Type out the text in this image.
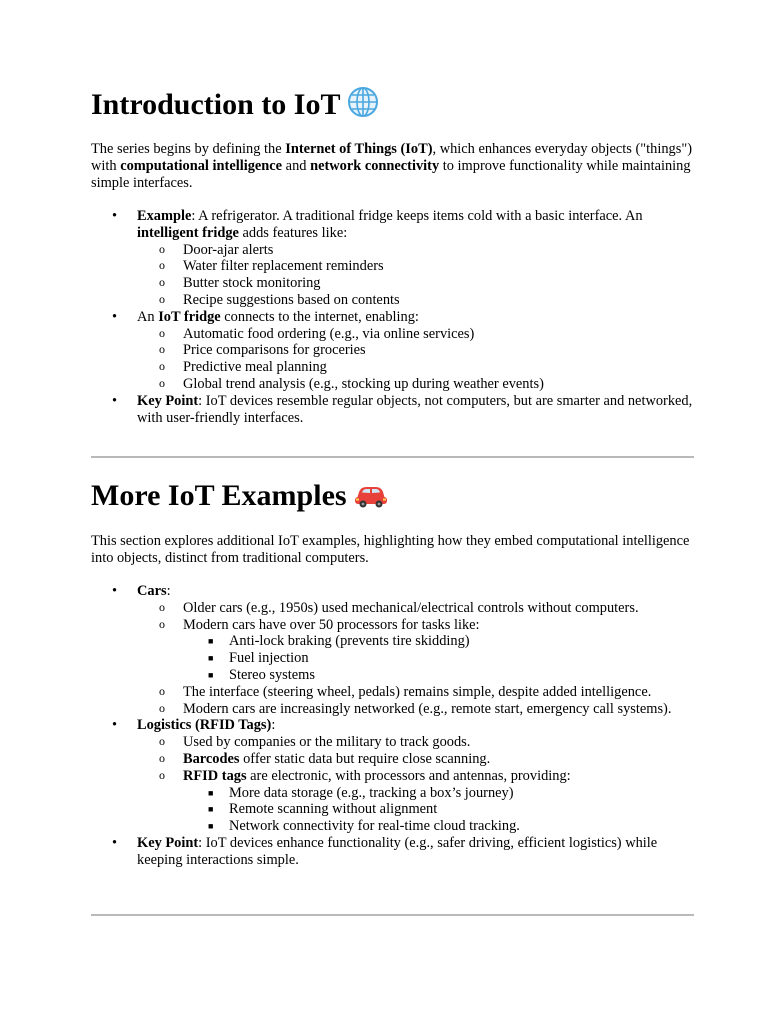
Introduction to IoT

The series begins by defining the Internet of Things (IoT), which enhances everyday objects ("things") with computational intelligence and network connectivity to improve functionality while maintaining simple interfaces.

• Example: A refrigerator. A traditional fridge keeps items cold with a basic interface. An intelligent fridge adds features like:
o Door-ajar alerts
o Water filter replacement reminders
o Butter stock monitoring
o Recipe suggestions based on contents
• An IoT fridge connects to the internet, enabling:
o Automatic food ordering (e.g., via online services)
o Price comparisons for groceries
o Predictive meal planning
o Global trend analysis (e.g., stocking up during weather events)
• Key Point: IoT devices resemble regular objects, not computers, but are smarter and networked, with user-friendly interfaces.
More IoT Examples

This section explores additional IoT examples, highlighting how they embed computational intelligence into objects, distinct from traditional computers.

• Cars:
o Older cars (e.g., 1950s) used mechanical/electrical controls without computers.
o Modern cars have over 50 processors for tasks like:
■ Anti-lock braking (prevents tire skidding)
■ Fuel injection
■ Stereo systems
o The interface (steering wheel, pedals) remains simple, despite added intelligence.
o Modern cars are increasingly networked (e.g., remote start, emergency call systems).
• Logistics (RFID Tags):
o Used by companies or the military to track goods.
o Barcodes offer static data but require close scanning.
o RFID tags are electronic, with processors and antennas, providing:
■ More data storage (e.g., tracking a box’s journey)
■ Remote scanning without alignment
■ Network connectivity for real-time cloud tracking.
• Key Point: IoT devices enhance functionality (e.g., safer driving, efficient logistics) while keeping interactions simple.
